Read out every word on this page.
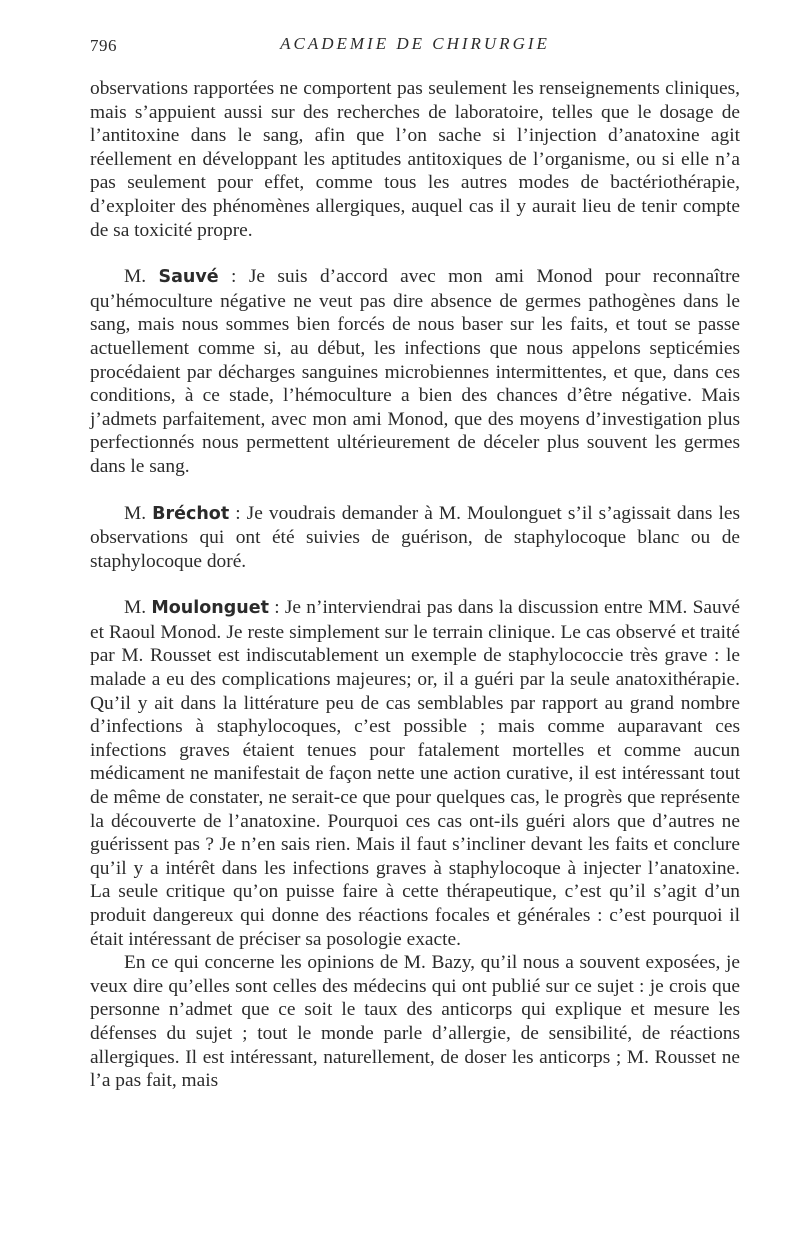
796	ACADEMIE DE CHIRURGIE

observations rapportées ne comportent pas seulement les renseignements cliniques, mais s’appuient aussi sur des recherches de laboratoire, telles que le dosage de l’antitoxine dans le sang, afin que l’on sache si l’injection d’anatoxine agit réellement en développant les aptitudes antitoxiques de l’organisme, ou si elle n’a pas seulement pour effet, comme tous les autres modes de bactériothérapie, d’exploiter des phénomènes allergiques, auquel cas il y aurait lieu de tenir compte de sa toxicité propre.

M. Sauvé : Je suis d’accord avec mon ami Monod pour reconnaître qu’hémoculture négative ne veut pas dire absence de germes pathogènes dans le sang, mais nous sommes bien forcés de nous baser sur les faits, et tout se passe actuellement comme si, au début, les infections que nous appelons septicémies procédaient par décharges sanguines microbiennes intermittentes, et que, dans ces conditions, à ce stade, l’hémoculture a bien des chances d’être négative. Mais j’admets parfaitement, avec mon ami Monod, que des moyens d’investigation plus perfectionnés nous permettent ultérieurement de déceler plus souvent les germes dans le sang.

M. Bréchot : Je voudrais demander à M. Moulonguet s’il s’agissait dans les observations qui ont été suivies de guérison, de staphylocoque blanc ou de staphylocoque doré.

M. Moulonguet : Je n’interviendrai pas dans la discussion entre MM. Sauvé et Raoul Monod. Je reste simplement sur le terrain clinique. Le cas observé et traité par M. Rousset est indiscutablement un exemple de staphylococcie très grave : le malade a eu des complications majeures; or, il a guéri par la seule anatoxithérapie. Qu’il y ait dans la littérature peu de cas semblables par rapport au grand nombre d’infections à staphylocoques, c’est possible ; mais comme auparavant ces infections graves étaient tenues pour fatalement mortelles et comme aucun médicament ne manifestait de façon nette une action curative, il est intéressant tout de même de constater, ne serait-ce que pour quelques cas, le progrès que représente la découverte de l’anatoxine. Pourquoi ces cas ont-ils guéri alors que d’autres ne guérissent pas ? Je n’en sais rien. Mais il faut s’incliner devant les faits et conclure qu’il y a intérêt dans les infections graves à staphylocoque à injecter l’anatoxine. La seule critique qu’on puisse faire à cette thérapeutique, c’est qu’il s’agit d’un produit dangereux qui donne des réactions focales et générales : c’est pourquoi il était intéressant de préciser sa posologie exacte.

En ce qui concerne les opinions de M. Bazy, qu’il nous a souvent exposées, je veux dire qu’elles sont celles des médecins qui ont publié sur ce sujet : je crois que personne n’admet que ce soit le taux des anticorps qui explique et mesure les défenses du sujet ; tout le monde parle d’allergie, de sensibilité, de réactions allergiques. Il est intéressant, naturellement, de doser les anticorps ; M. Rousset ne l’a pas fait, mais
